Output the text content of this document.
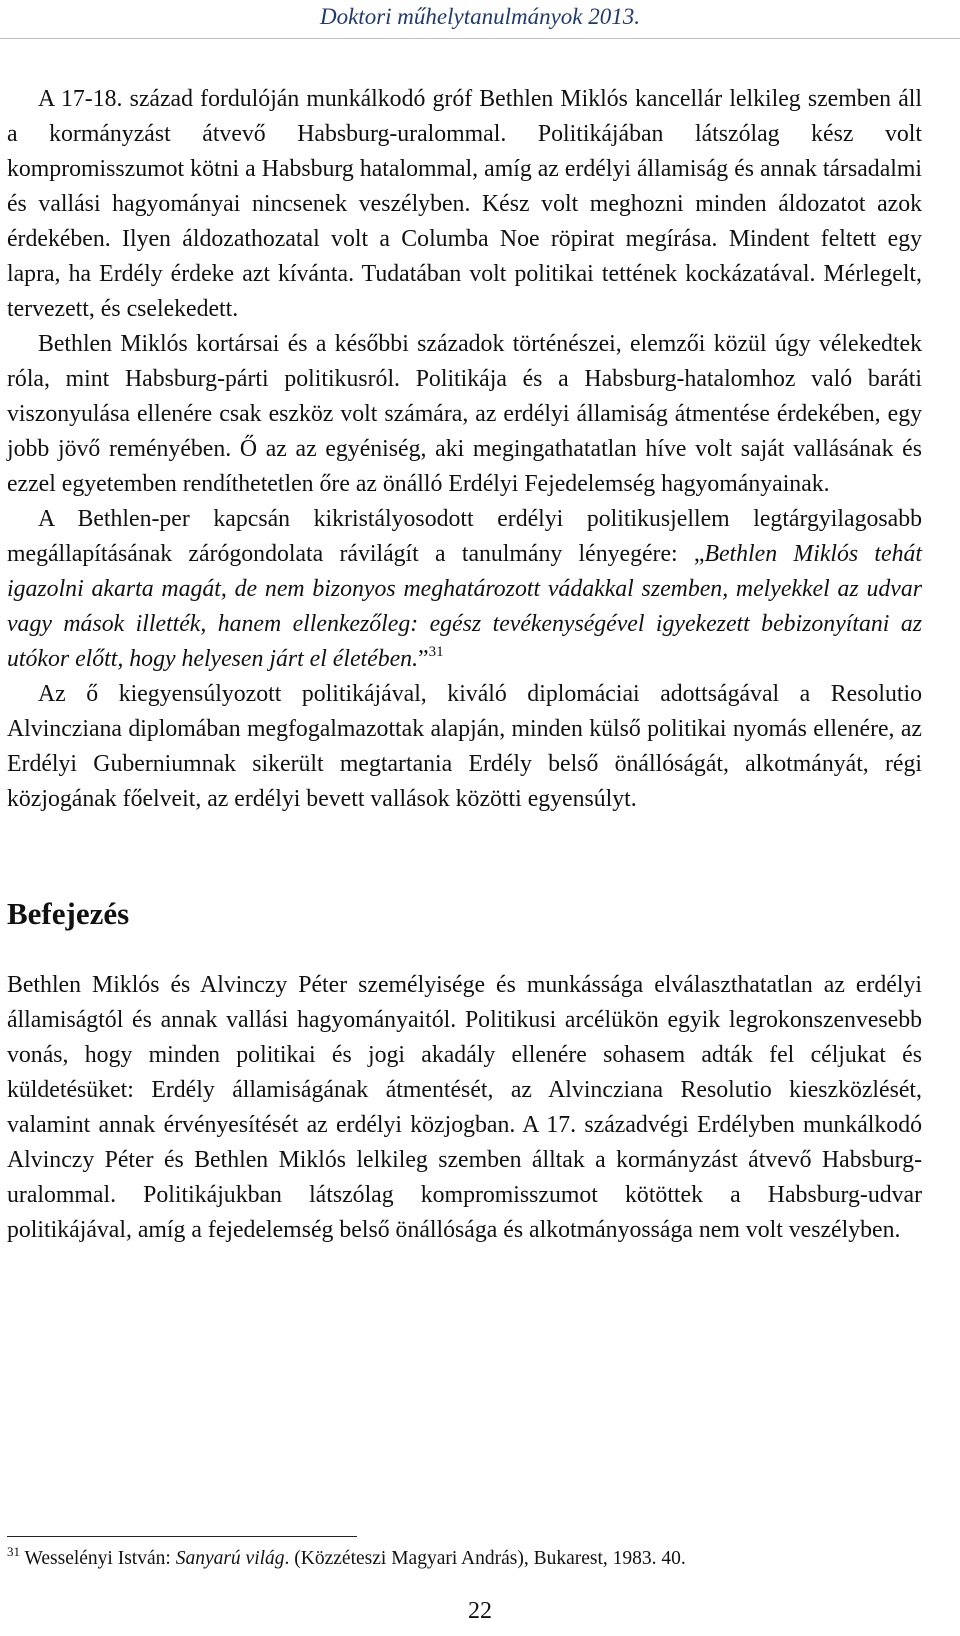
Doktori műhelytanulmányok 2013.

A 17-18. század fordulóján munkálkodó gróf Bethlen Miklós kancellár lelkileg szemben áll a kormányzást átvevő Habsburg-uralommal. Politikájában látszólag kész volt kompromisszumot kötni a Habsburg hatalommal, amíg az erdélyi államiság és annak társadalmi és vallási hagyományai nincsenek veszélyben. Kész volt meghozni minden áldozatot azok érdekében. Ilyen áldozathozatal volt a Columba Noe röpirat megírása. Mindent feltett egy lapra, ha Erdély érdeke azt kívánta. Tudatában volt politikai tettének kockázatával. Mérlegelt, tervezett, és cselekedett.

Bethlen Miklós kortársai és a későbbi századok történészei, elemzői közül úgy vélekedtek róla, mint Habsburg-párti politikusról. Politikája és a Habsburg-hatalomhoz való baráti viszonyulása ellenére csak eszköz volt számára, az erdélyi államiság átmentése érdekében, egy jobb jövő reményében. Ő az az egyéniség, aki megingathatatlan híve volt saját vallásának és ezzel egyetemben rendíthetetlen őre az önálló Erdélyi Fejedelemség hagyományainak.

A Bethlen-per kapcsán kikristályosodott erdélyi politikusjellem legtárgyilagosabb megállapításának zárógondolata rávilágít a tanulmány lényegére: „Bethlen Miklós tehát igazolni akarta magát, de nem bizonyos meghatározott vádakkal szemben, melyekkel az udvar vagy mások illették, hanem ellenkezőleg: egész tevékenységével igyekezett bebizonyítani az utókor előtt, hogy helyesen járt el életében.”$^{31}$

Az ő kiegyensúlyozott politikájával, kiváló diplomáciai adottságával a Resolutio Alvincziana diplomában megfogalmazottak alapján, minden külső politikai nyomás ellenére, az Erdélyi Guberniumnak sikerült megtartania Erdély belső önállóságát, alkotmányát, régi közjogának főelveit, az erdélyi bevett vallások közötti egyensúlyt.

Befejezés

Bethlen Miklós és Alvinczy Péter személyisége és munkássága elválaszthatatlan az erdélyi államiságtól és annak vallási hagyományaitól. Politikusi arcélükön egyik legrokonszenvesebb vonás, hogy minden politikai és jogi akadály ellenére sohasem adták fel céljukat és küldetésüket: Erdély államiságának átmentését, az Alvincziana Resolutio kieszközlését, valamint annak érvényesítését az erdélyi közjogban. A 17. századvégi Erdélyben munkálkodó Alvinczy Péter és Bethlen Miklós lelkileg szemben álltak a kormányzást átvevő Habsburg-uralommal. Politikájukban látszólag kompromisszumot kötöttek a Habsburg-udvar politikájával, amíg a fejedelemség belső önállósága és alkotmányossága nem volt veszélyben.

$^{31}$ Wesselényi István: Sanyarú világ. (Közzéteszi Magyari András), Bukarest, 1983. 40.
22
